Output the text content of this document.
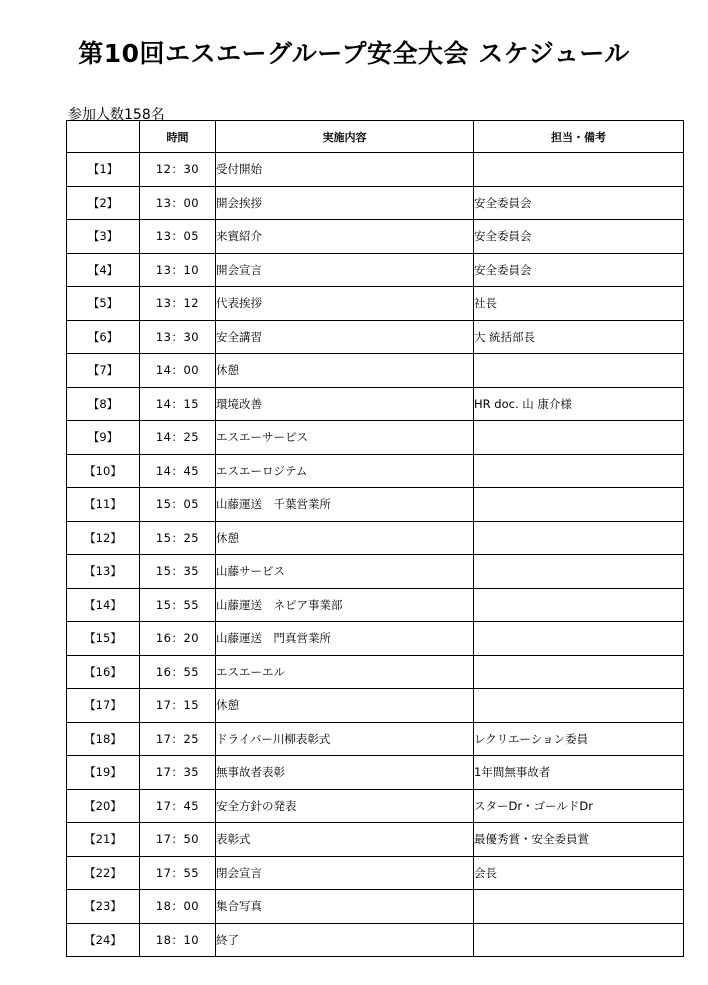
第10回エスエーグループ安全大会 スケジュール
参加人数158名
	時間	実施内容	担当・備考
【1】	12：30	受付開始	
【2】	13：00	開会挨拶	安全委員会
【3】	13：05	来賓紹介	安全委員会
【4】	13：10	開会宣言	安全委員会
【5】	13：12	代表挨拶	社長
【6】	13：30	安全講習	大 統括部長
【7】	14：00	休憩	
【8】	14：15	環境改善	HR doc. 山 康介様
【9】	14：25	エスエーサービス	
【10】	14：45	エスエーロジテム	
【11】	15：05	山藤運送　千葉営業所	
【12】	15：25	休憩	
【13】	15：35	山藤サービス	
【14】	15：55	山藤運送　ネピア事業部	
【15】	16：20	山藤運送　門真営業所	
【16】	16：55	エスエーエル	
【17】	17：15	休憩	
【18】	17：25	ドライバー川柳表彰式	レクリエーション委員
【19】	17：35	無事故者表彰	1年間無事故者
【20】	17：45	安全方針の発表	スターDr・ゴールドDr
【21】	17：50	表彰式	最優秀賞・安全委員賞
【22】	17：55	閉会宣言	会長
【23】	18：00	集合写真	
【24】	18：10	終了	
